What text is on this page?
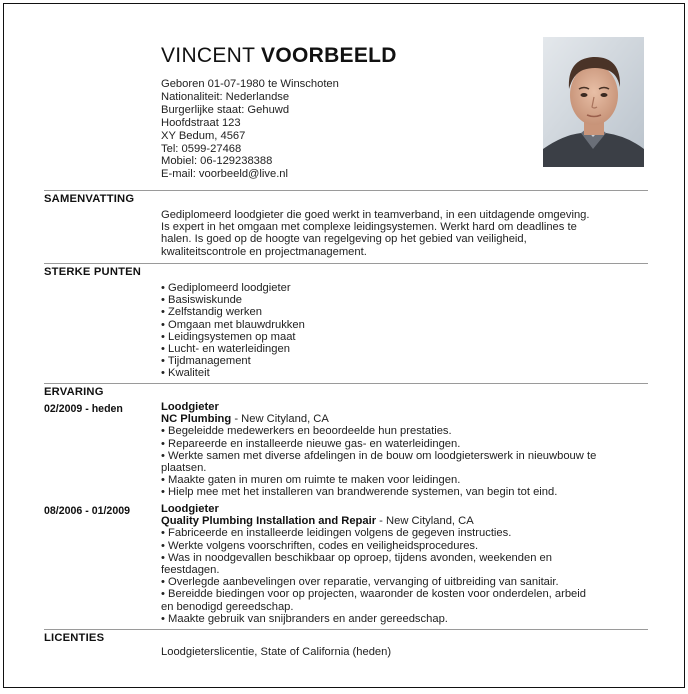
VINCENT VOORBEELD

Geboren 01-07-1980 te Winschoten

Nationaliteit: Nederlandse

Burgerlijke staat: Gehuwd

Hoofdstraat 123

XY Bedum, 4567

Tel: 0599-27468

Mobiel: 06-129238388

E-mail: voorbeeld@live.nl

SAMENVATTING

Gediplomeerd loodgieter die goed werkt in teamverband, in een uitdagende omgeving.

Is expert in het omgaan met complexe leidingsystemen. Werkt hard om deadlines te

halen. Is goed op de hoogte van regelgeving op het gebied van veiligheid,

kwaliteitscontrole en projectmanagement.

STERKE PUNTEN

• Gediplomeerd loodgieter

• Basiswiskunde

• Zelfstandig werken

• Omgaan met blauwdrukken

• Leidingsystemen op maat

• Lucht- en waterleidingen

• Tijdmanagement

• Kwaliteit

ERVARING
02/2009 - heden	Loodgieter

NC Plumbing - New Cityland, CA

• Begeleidde medewerkers en beoordeelde hun prestaties.

• Repareerde en installeerde nieuwe gas- en waterleidingen.

• Werkte samen met diverse afdelingen in de bouw om loodgieterswerk in nieuwbouw te

plaatsen.

• Maakte gaten in muren om ruimte te maken voor leidingen.

• Hielp mee met het installeren van brandwerende systemen, van begin tot eind.

08/2006 - 01/2009	Loodgieter

Quality Plumbing Installation and Repair - New Cityland, CA

• Fabriceerde en installeerde leidingen volgens de gegeven instructies.

• Werkte volgens voorschriften, codes en veiligheidsprocedures.

• Was in noodgevallen beschikbaar op oproep, tijdens avonden, weekenden en

feestdagen.

• Overlegde aanbevelingen over reparatie, vervanging of uitbreiding van sanitair.

• Bereidde biedingen voor op projecten, waaronder de kosten voor onderdelen, arbeid

en benodigd gereedschap.

• Maakte gebruik van snijbranders en ander gereedschap.

LICENTIES
Loodgieterslicentie, State of California (heden)
